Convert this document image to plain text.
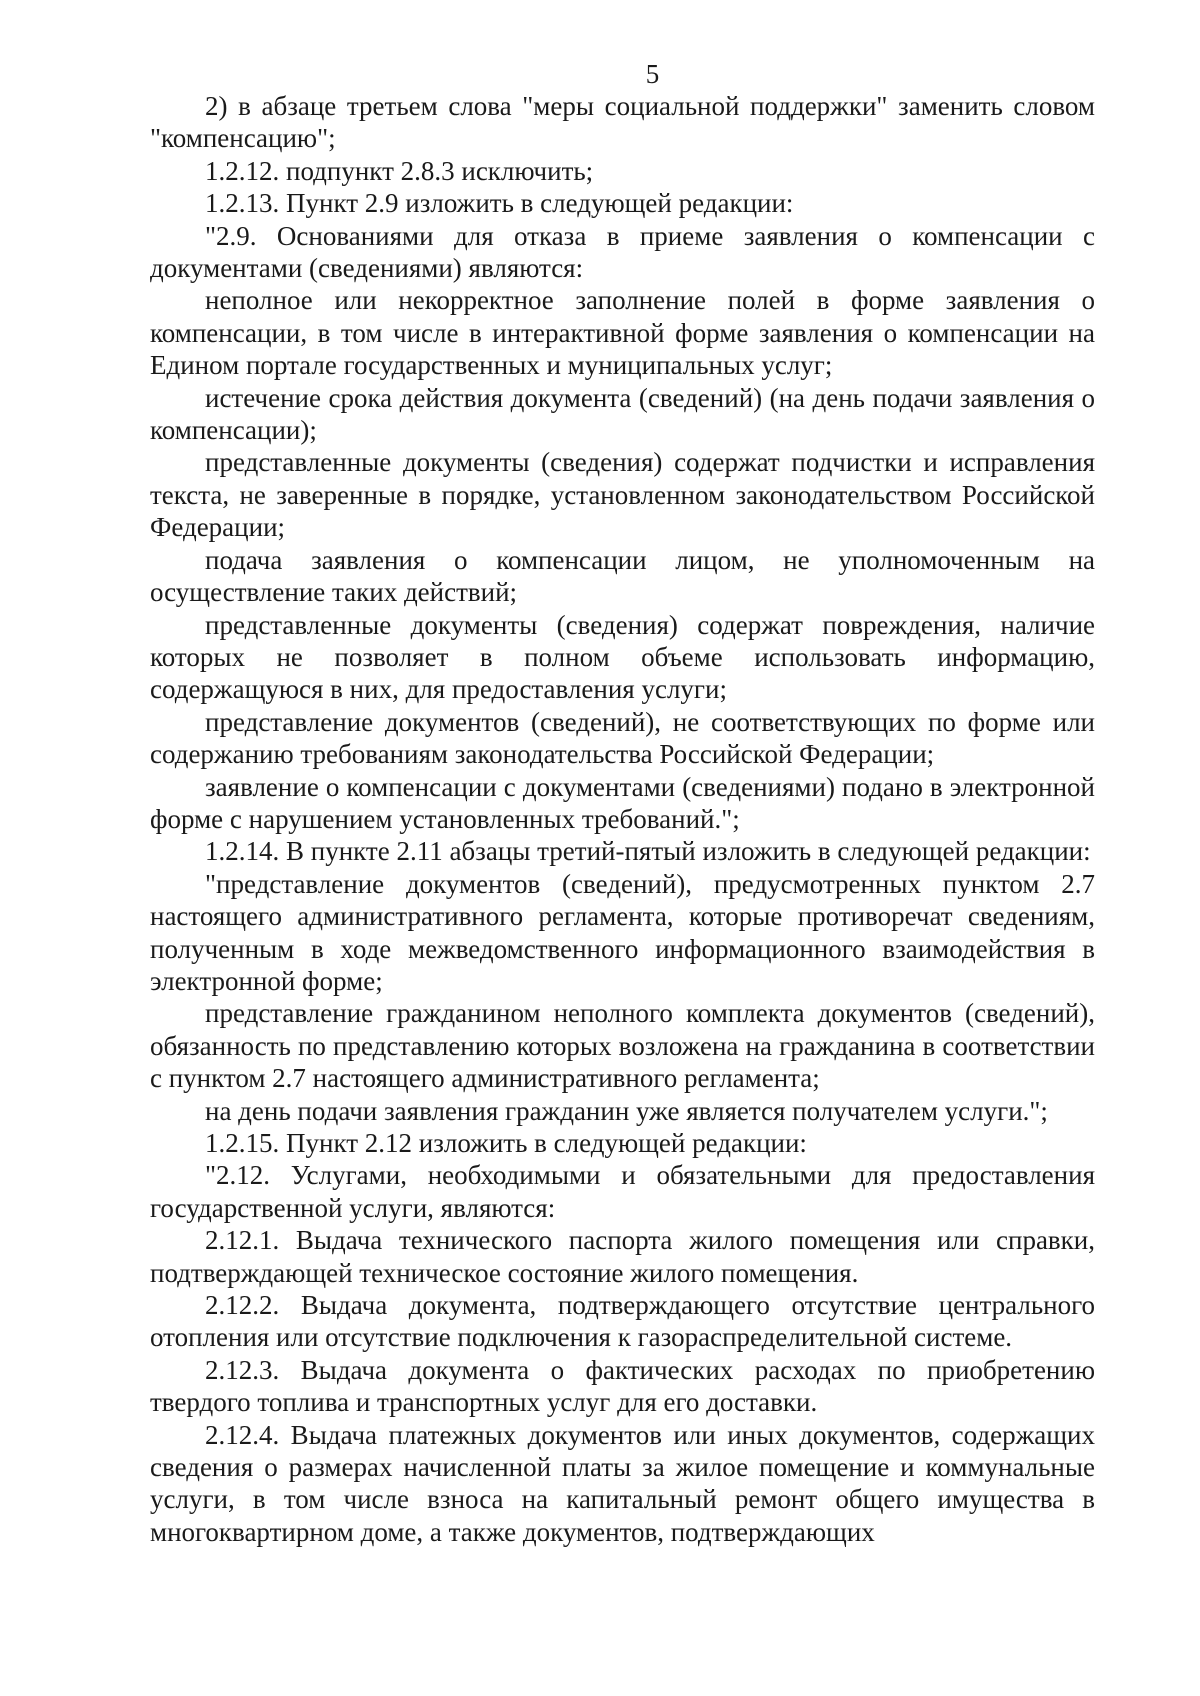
5

2) в абзаце третьем слова "меры социальной поддержки" заменить словом "компенсацию";

1.2.12. подпункт 2.8.3 исключить;

1.2.13. Пункт 2.9 изложить в следующей редакции:

"2.9. Основаниями для отказа в приеме заявления о компенсации с документами (сведениями) являются:

неполное или некорректное заполнение полей в форме заявления о компенсации, в том числе в интерактивной форме заявления о компенсации на Едином портале государственных и муниципальных услуг;

истечение срока действия документа (сведений) (на день подачи заявления о компенсации);

представленные документы (сведения) содержат подчистки и исправления текста, не заверенные в порядке, установленном законодательством Российской Федерации;

подача заявления о компенсации лицом, не уполномоченным на осуществление таких действий;

представленные документы (сведения) содержат повреждения, наличие которых не позволяет в полном объеме использовать информацию, содержащуюся в них, для предоставления услуги;

представление документов (сведений), не соответствующих по форме или содержанию требованиям законодательства Российской Федерации;

заявление о компенсации с документами (сведениями) подано в электронной форме с нарушением установленных требований.";

1.2.14. В пункте 2.11 абзацы третий-пятый изложить в следующей редакции:

"представление документов (сведений), предусмотренных пунктом 2.7 настоящего административного регламента, которые противоречат сведениям, полученным в ходе межведомственного информационного взаимодействия в электронной форме;

представление гражданином неполного комплекта документов (сведений), обязанность по представлению которых возложена на гражданина в соответствии с пунктом 2.7 настоящего административного регламента;

на день подачи заявления гражданин уже является получателем услуги.";

1.2.15. Пункт 2.12 изложить в следующей редакции:

"2.12. Услугами, необходимыми и обязательными для предоставления государственной услуги, являются:

2.12.1. Выдача технического паспорта жилого помещения или справки, подтверждающей техническое состояние жилого помещения.

2.12.2. Выдача документа, подтверждающего отсутствие центрального отопления или отсутствие подключения к газораспределительной системе.

2.12.3. Выдача документа о фактических расходах по приобретению твердого топлива и транспортных услуг для его доставки.

2.12.4. Выдача платежных документов или иных документов, содержащих сведения о размерах начисленной платы за жилое помещение и коммунальные услуги, в том числе взноса на капитальный ремонт общего имущества в многоквартирном доме, а также документов, подтверждающих
